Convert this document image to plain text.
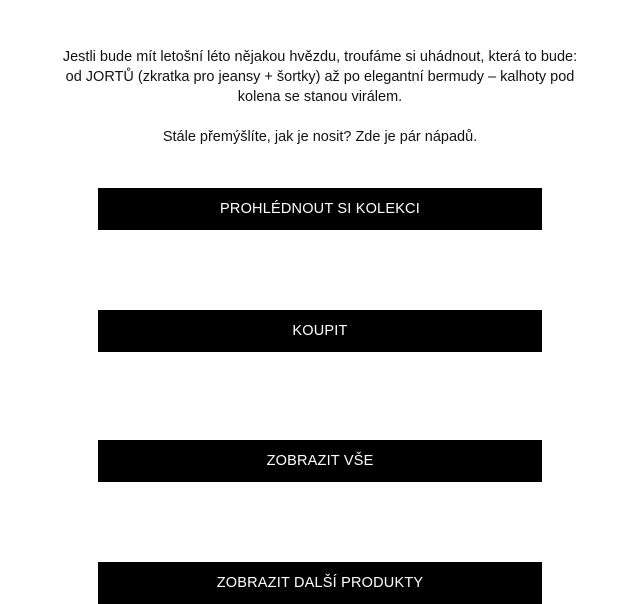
Jestli bude mít letošní léto nějakou hvězdu, troufáme si uhádnout, která to bude: od JORTŮ (zkratka pro jeansy + šortky) až po elegantní bermudy – kalhoty pod kolena se stanou virálem.

Stále přemýšlíte, jak je nosit? Zde je pár nápadů.

PROHLÉDNOUT SI KOLEKCI
KOUPIT
ZOBRAZIT VŠE
ZOBRAZIT DALŠÍ PRODUKTY
